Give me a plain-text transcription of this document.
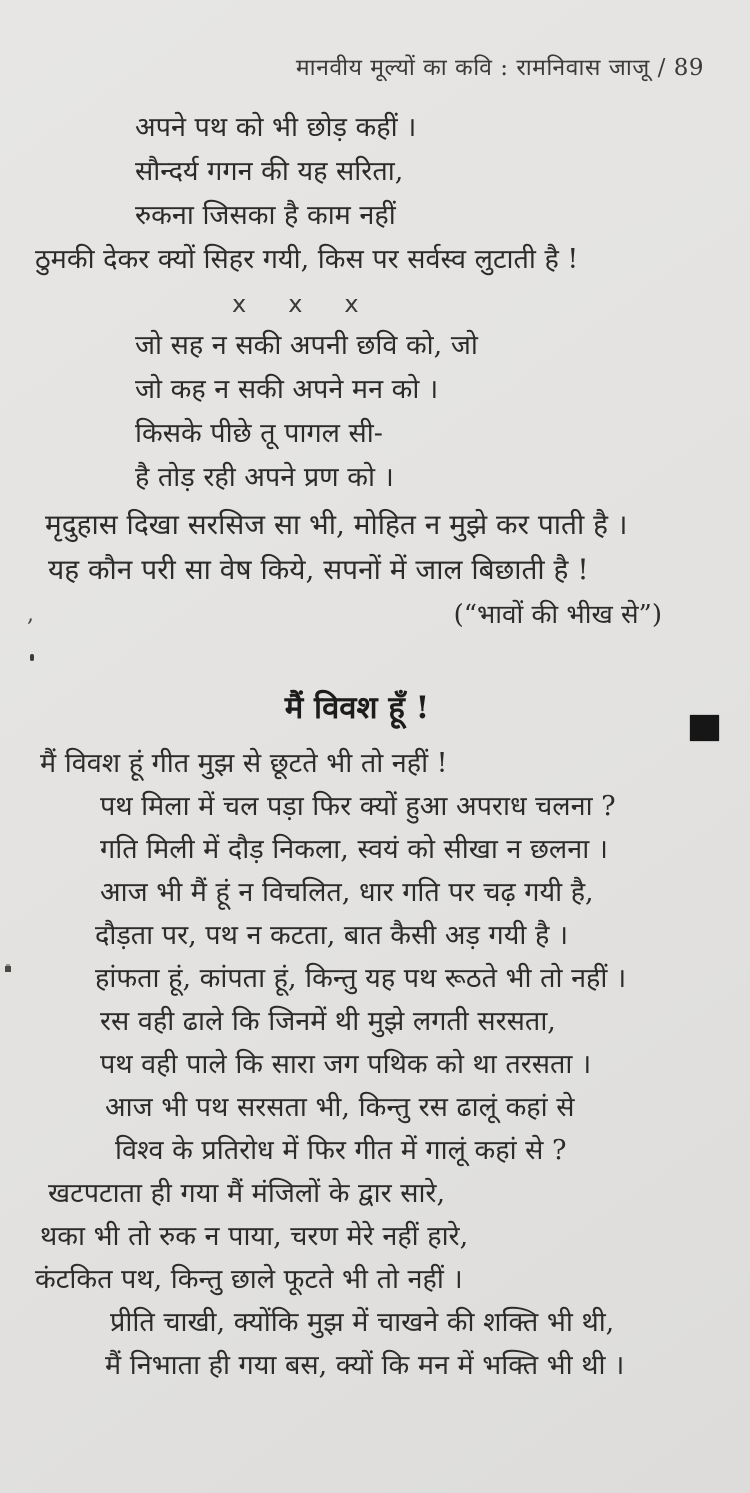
मानवीय मूल्यों का कवि : रामनिवास जाजू / 89
अपने पथ को भी छोड़ कहीं ।
सौन्दर्य गगन की यह सरिता,
रुकना जिसका है काम नहीं
ठुमकी देकर क्यों सिहर गयी, किस पर सर्वस्व लुटाती है !
x x x
जो सह न सकी अपनी छवि को, जो
जो कह न सकी अपने मन को ।
किसके पीछे तू पागल सी-
है तोड़ रही अपने प्रण को ।
मृदुहास दिखा सरसिज सा भी, मोहित न मुझे कर पाती है ।
यह कौन परी सा वेष किये, सपनों में जाल बिछाती है !
(“भावों की भीख से”)
मैं विवश हूँ !
मैं विवश हूं गीत मुझ से छूटते भी तो नहीं !
पथ मिला में चल पड़ा फिर क्यों हुआ अपराध चलना ?
गति मिली में दौड़ निकला, स्वयं को सीखा न छलना ।
आज भी मैं हूं न विचलित, धार गति पर चढ़ गयी है,
दौड़ता पर, पथ न कटता, बात कैसी अड़ गयी है ।
हांफता हूं, कांपता हूं, किन्तु यह पथ रूठते भी तो नहीं ।
रस वही ढाले कि जिनमें थी मुझे लगती सरसता,
पथ वही पाले कि सारा जग पथिक को था तरसता ।
आज भी पथ सरसता भी, किन्तु रस ढालूं कहां से
विश्व के प्रतिरोध में फिर गीत में गालूं कहां से ?
खटपटाता ही गया मैं मंजिलों के द्वार सारे,
थका भी तो रुक न पाया, चरण मेरे नहीं हारे,
कंटकित पथ, किन्तु छाले फूटते भी तो नहीं ।
प्रीति चाखी, क्योंकि मुझ में चाखने की शक्ति भी थी,
मैं निभाता ही गया बस, क्यों कि मन में भक्ति भी थी ।
,
